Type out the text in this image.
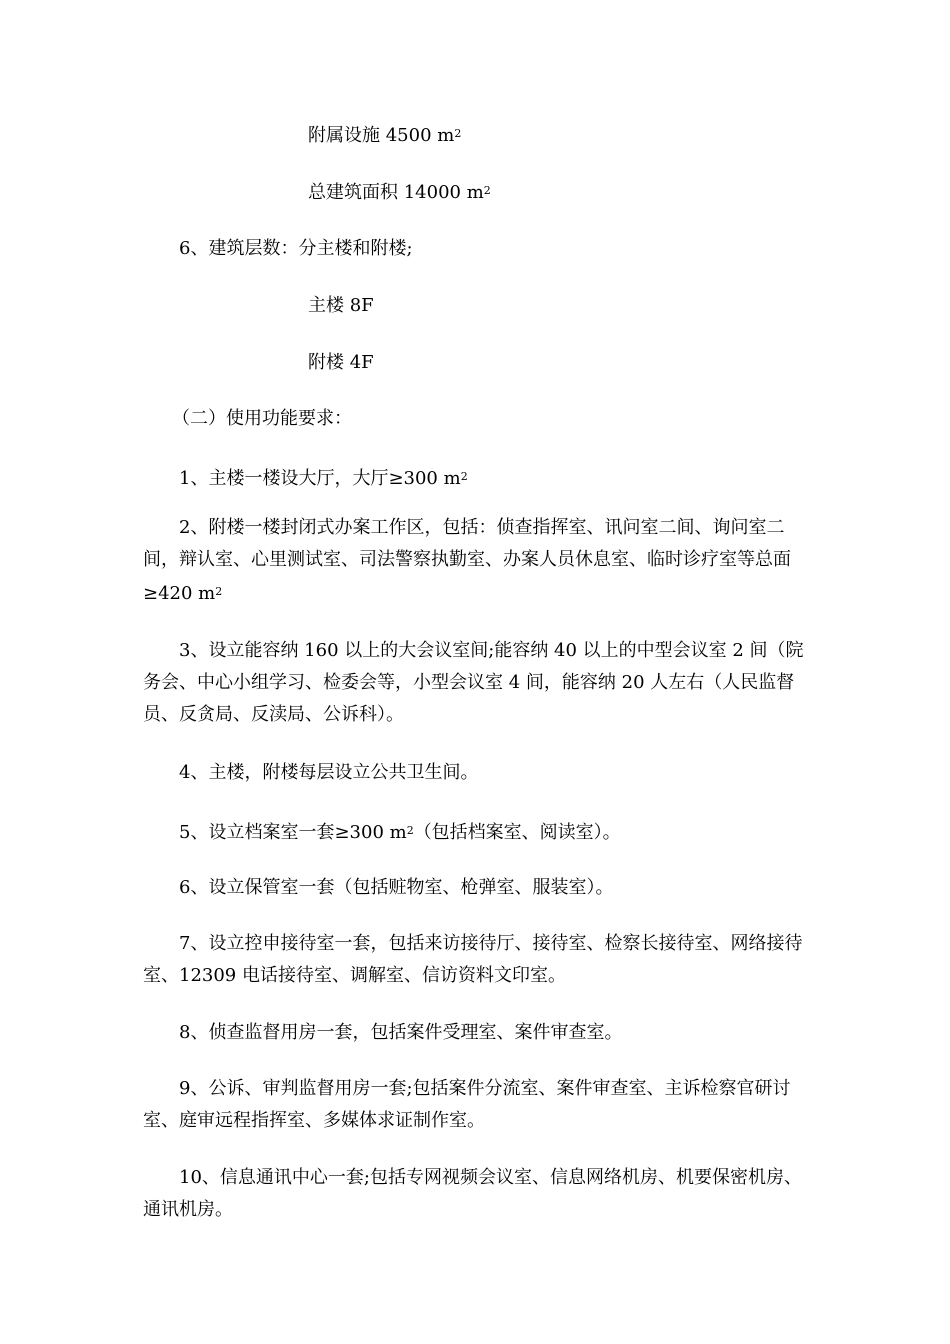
附属设施 4500 $m^2$
总建筑面积 14000 $m^2$
6、建筑层数：分主楼和附楼;
主楼 8F
附楼 4F
（二）使用功能要求：
1、主楼一楼设大厅，大厅≥300 $m^2$
2、附楼一楼封闭式办案工作区，包括：侦查指挥室、讯问室二间、询问室二间，辩认室、心里测试室、司法警察执勤室、办案人员休息室、临时诊疗室等总面≥420 $m^2$
3、设立能容纳 160 以上的大会议室间;能容纳 40 以上的中型会议室 2 间（院务会、中心小组学习、检委会等，小型会议室 4 间，能容纳 20 人左右（人民监督员、反贪局、反渎局、公诉科）。
4、主楼，附楼每层设立公共卫生间。
5、设立档案室一套≥300 $m^2$（包括档案室、阅读室）。
6、设立保管室一套（包括赃物室、枪弹室、服装室）。
7、设立控申接待室一套，包括来访接待厅、接待室、检察长接待室、网络接待室、12309 电话接待室、调解室、信访资料文印室。
8、侦查监督用房一套，包括案件受理室、案件审查室。
9、公诉、审判监督用房一套;包括案件分流室、案件审查室、主诉检察官研讨室、庭审远程指挥室、多媒体求证制作室。
10、信息通讯中心一套;包括专网视频会议室、信息网络机房、机要保密机房、通讯机房。
